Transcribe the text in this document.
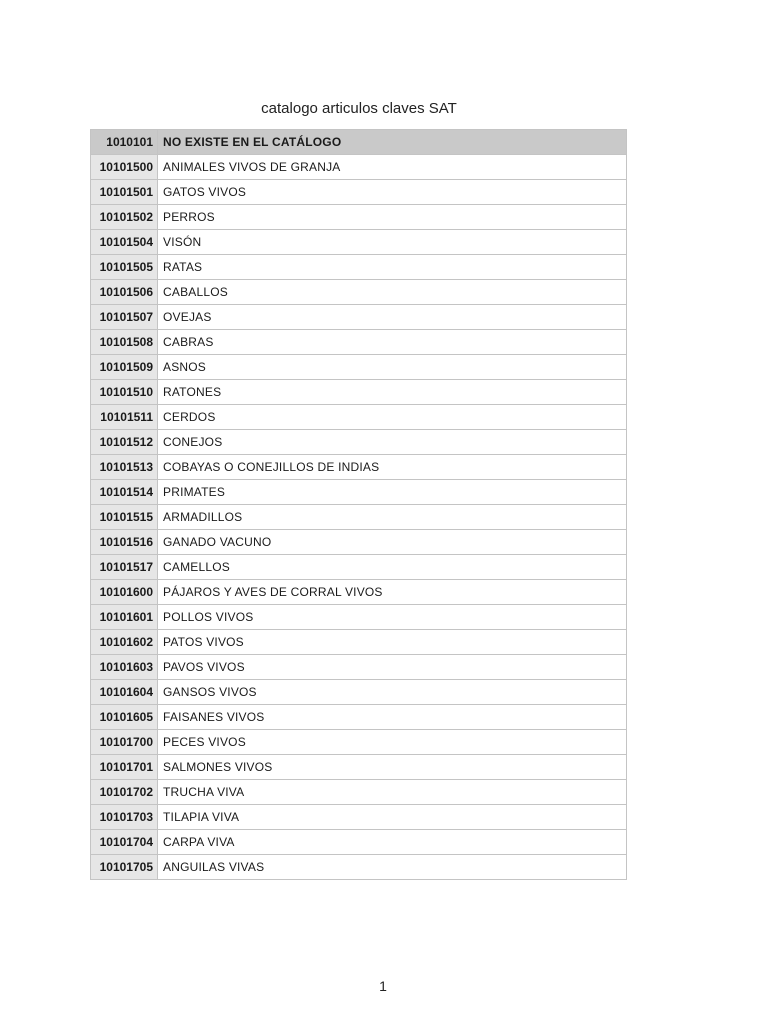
catalogo articulos claves SAT
1010101	NO EXISTE EN EL CATÁLOGO
10101500	ANIMALES VIVOS DE GRANJA
10101501	GATOS VIVOS
10101502	PERROS
10101504	VISÓN
10101505	RATAS
10101506	CABALLOS
10101507	OVEJAS
10101508	CABRAS
10101509	ASNOS
10101510	RATONES
10101511	CERDOS
10101512	CONEJOS
10101513	COBAYAS O CONEJILLOS DE INDIAS
10101514	PRIMATES
10101515	ARMADILLOS
10101516	GANADO VACUNO
10101517	CAMELLOS
10101600	PÁJAROS Y AVES DE CORRAL VIVOS
10101601	POLLOS VIVOS
10101602	PATOS VIVOS
10101603	PAVOS VIVOS
10101604	GANSOS VIVOS
10101605	FAISANES VIVOS
10101700	PECES VIVOS
10101701	SALMONES VIVOS
10101702	TRUCHA VIVA
10101703	TILAPIA VIVA
10101704	CARPA VIVA
10101705	ANGUILAS VIVAS
1
